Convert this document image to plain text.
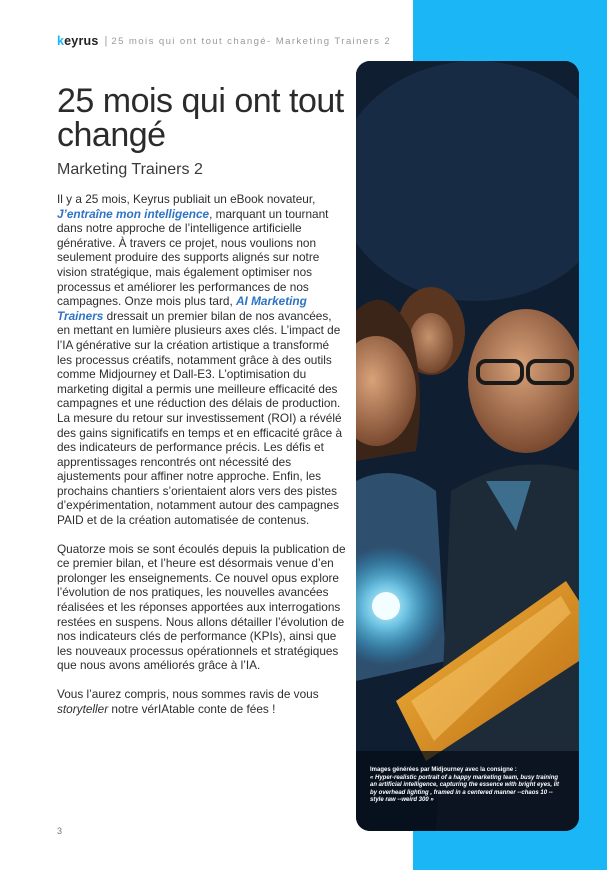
keyrus | 25 mois qui ont tout changé- Marketing Trainers 2
25 mois qui ont tout changé
Marketing Trainers 2

Il y a 25 mois, Keyrus publiait un eBook novateur, J’entraîne mon intelligence, marquant un tournant dans notre approche de l’intelligence artificielle générative. À travers ce projet, nous voulions non seulement produire des supports alignés sur notre vision stratégique, mais également optimiser nos processus et améliorer les performances de nos campagnes. Onze mois plus tard, AI Marketing Trainers dressait un premier bilan de nos avancées, en mettant en lumière plusieurs axes clés. L’impact de l’IA générative sur la création artistique a transformé les processus créatifs, notamment grâce à des outils comme Midjourney et Dall-E3. L’optimisation du marketing digital a permis une meilleure efficacité des campagnes et une réduction des délais de production. La mesure du retour sur investissement (ROI) a révélé des gains significatifs en temps et en efficacité grâce à des indicateurs de performance précis. Les défis et apprentissages rencontrés ont nécessité des ajustements pour affiner notre approche. Enfin, les prochains chantiers s’orientaient alors vers des pistes d’expérimentation, notamment autour des campagnes PAID et de la création automatisée de contenus.

Quatorze mois se sont écoulés depuis la publication de ce premier bilan, et l’heure est désormais venue d’en prolonger les enseignements. Ce nouvel opus explore l’évolution de nos pratiques, les nouvelles avancées réalisées et les réponses apportées aux interrogations restées en suspens. Nous allons détailler l’évolution de nos indicateurs clés de performance (KPIs), ainsi que les nouveaux processus opérationnels et stratégiques que nous avons améliorés grâce à l’IA.

Vous l’aurez compris, nous sommes ravis de vous storyteller notre vérIAtable conte de fées !

3
Images générées par Midjourney avec la consigne :
« Hyper-realistic portrait of a happy marketing team, busy training an artificial intelligence, capturing the essence with bright eyes, lit by overhead lighting , framed in a centered manner --chaos 10 --style raw --weird 300 »
